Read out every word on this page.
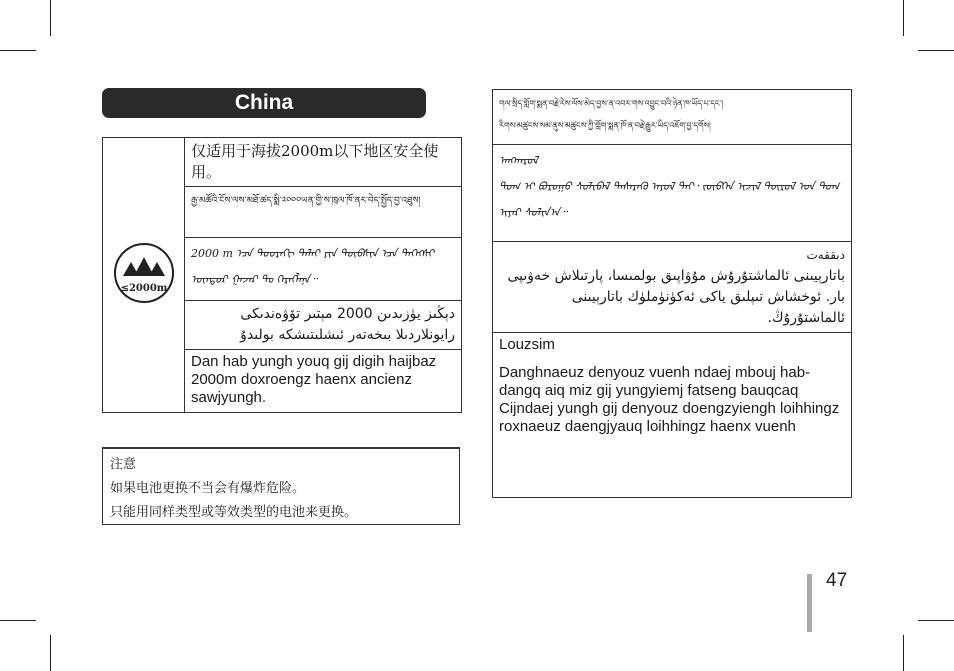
China
≤2000m
	仅适用于海拔2000m以下地区安全使用。
རྒྱ་མཚོའི་ངོས་ལས་མཐོ་ཚད་སྨི་༢༠༠༠ཡན་གྱི་ས་ཁུལ་ཁོ་ནར་བེད་སྤྱོད་བྱ་འཐུས།
2000 m ᠡᠴᠡ ᠳᠣᠣᠷᠠᠬᠢ ᠳᠠᠯᠠᠢ ᠶᠢᠨ ᠲᠦᠪᠱᠢᠨ ᠡᠴᠡ ᠳᠡᠭᠡᠭᠰᠢ ᠦᠨᠳᠦᠷ ᠭᠠᠵᠠᠷ ᠲᠤ ᠬᠡᠷᠡᠭᠯᠡᠨᠡ᠃
دېڭىز يۈزىدىن 2000 مېتىر تۆۋەندىكى رايونلاردىلا بىخەتەر ئىشلىتىشكە بولىدۇ
Dan hab yungh youq gij digih haijbaz 2000m doxroengz haenx ancienz sawjyungh.
注意
如果电池更换不当会有爆炸危险。
只能用同样类型或等效类型的电池来更换。
གལ་སྲིད་གློག་སྨན་བརྗེ་རེས་ལོས་མེད་བྱས་ན་འབར་གས་འབྱུང་བའི་ཉེན་ཁ་ཡོད་པ་དང་།
རིགས་མཚུངས་སམ་ནུས་མཚུངས་ཀྱི་གློག་སྨན་ཁོ་ན་བརྗེ་རྒྱུར་ཡིད་འཇོག་བྱ་དགོས།

ᠠᠩᠬᠠᠷᠤᠯ
ᠲᠤᠭ ᠢ ᠪᠤᠷᠤᠭᠤ ᠰᠤᠯᠢᠪᠠᠯ ᠲᠡᠰᠡᠷᠡᠬᠦ ᠠᠶᠤᠯ ᠲᠠᠢ᠂ ᠵᠥᠪᠬᠡᠨ ᠢᠵᠢᠯ ᠲᠥᠷᠥᠯ ᠤᠨ ᠲᠤᠭ ᠢᠶᠠᠷ ᠰᠤᠯᠢᠨ᠎ᠠ᠃

دىققەت
باتارېيىنى ئالماشتۇرۇش مۇۋاپىق بولمىسا، پارتىلاش خەۋىپى بار. ئوخشاش تىپلىق ياكى ئەكۈنۈملۈك باتارېيىنى ئالماشتۇرۇڭ.

Louzsim
Danghnaeuz denyouz vuenh ndaej mbouj hab-dangq aiq miz gij yungyiemj fatseng bauqcaq Cijndaej yungh gij denyouz doengzyiengh loihhingz roxnaeuz daengjyauq loihhingz haenx vuenh
47
